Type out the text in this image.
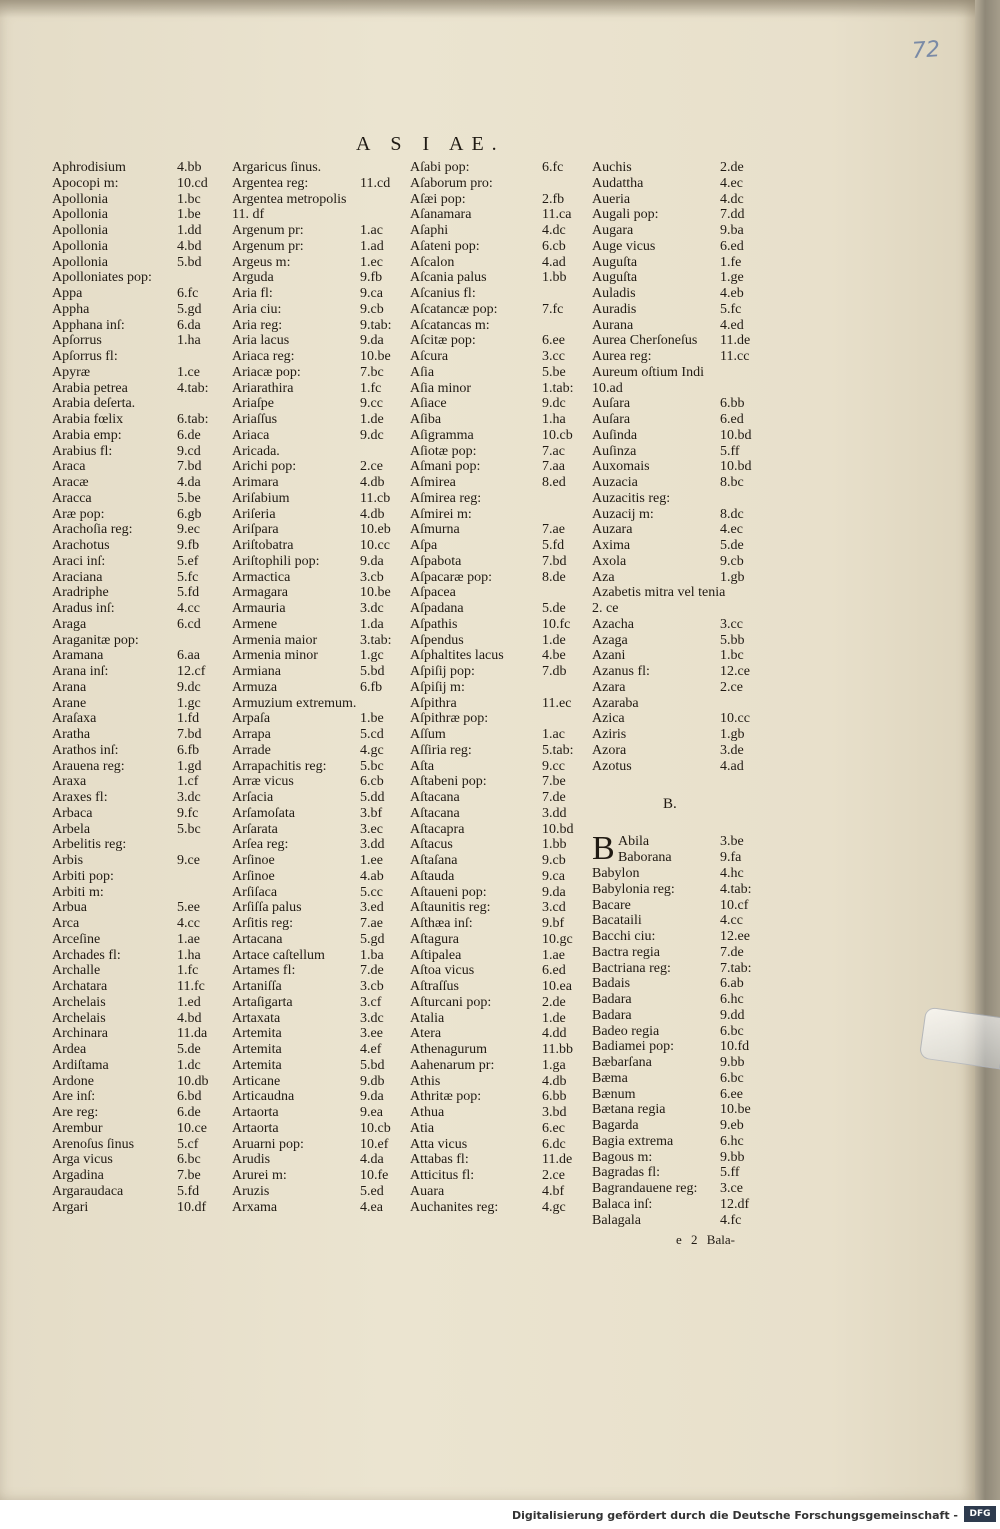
72
A S I AE.
Aphrodisium	4.bb
Apocopi m:	10.cd
Apollonia	1.bc
Apollonia	1.be
Apollonia	1.dd
Apollonia	4.bd
Apollonia	5.bd
Apolloniates pop:
Appa	6.fc
Appha	5.gd
Apphana inſ:	6.da
Apſorrus	1.ha
Apſorrus fl:
Apyræ	1.ce
Arabia petrea	4.tab:
Arabia deſerta.
Arabia fœlix	6.tab:
Arabia emp:	6.de
Arabius fl:	9.cd
Araca	7.bd
Aracæ	4.da
Aracca	5.be
Aræ pop:	6.gb
Arachoſia reg:	9.ec
Arachotus	9.fb
Araci inſ:	5.ef
Araciana	5.fc
Aradriphe	5.fd
Aradus inſ:	4.cc
Araga	6.cd
Araganitæ pop:
Aramana	6.aa
Arana inſ:	12.cf
Arana	9.dc
Arane	1.gc
Araſaxa	1.fd
Aratha	7.bd
Arathos inſ:	6.fb
Arauena reg:	1.gd
Araxa	1.cf
Araxes fl:	3.dc
Arbaca	9.fc
Arbela	5.bc
Arbelitis reg:
Arbis	9.ce
Arbiti pop:
Arbiti m:
Arbua	5.ee
Arca	4.cc
Arceſine	1.ae
Archades fl:	1.ha
Archalle	1.fc
Archatara	11.fc
Archelais	1.ed
Archelais	4.bd
Archinara	11.da
Ardea	5.de
Ardiſtama	1.dc
Ardone	10.db
Are inſ:	6.bd
Are reg:	6.de
Arembur	10.ce
Arenoſus ſinus	5.cf
Arga vicus	6.bc
Argadina	7.be
Argaraudaca	5.fd
Argari	10.df
Argaricus ſinus.
Argentea reg:	11.cd
Argentea metropolis
11. df
Argenum pr:	1.ac
Argenum pr:	1.ad
Argeus m:	1.ec
Arguda	9.fb
Aria fl:	9.ca
Aria ciu:	9.cb
Aria reg:	9.tab:
Aria lacus	9.da
Ariaca reg:	10.be
Ariacæ pop:	7.bc
Ariarathira	1.fc
Ariaſpe	9.cc
Ariaſſus	1.de
Ariaca	9.dc
Aricada.
Arichi pop:	2.ce
Arimara	4.db
Ariſabium	11.cb
Ariſeria	4.db
Ariſpara	10.eb
Ariſtobatra	10.cc
Ariſtophili pop:	9.da
Armactica	3.cb
Armagara	10.be
Armauria	3.dc
Armene	1.da
Armenia maior	3.tab:
Armenia minor	1.gc
Armiana	5.bd
Armuza	6.fb
Armuzium extremum.
Arpaſa	1.be
Arrapa	5.cd
Arrade	4.gc
Arrapachitis reg: 5.bc
Arræ vicus	6.cb
Arſacia	5.dd
Arſamoſata	3.bf
Arſarata	3.ec
Arſea reg:	3.dd
Arſinoe	1.ee
Arſinoe	4.ab
Arſiſaca	5.cc
Arſiſſa palus	3.ed
Arſitis reg:	7.ae
Artacana	5.gd
Artace caſtellum	1.ba
Artames fl:	7.de
Artaniſſa	3.cb
Artaſigarta	3.cf
Artaxata	3.dc
Artemita	3.ee
Artemita	4.ef
Artemita	5.bd
Articane	9.db
Articaudna	9.da
Artaorta	9.ea
Artaorta	10.cb
Aruarni pop:	10.ef
Arudis	4.da
Arurei m:	10.fe
Aruzis	5.ed
Arxama	4.ea
Aſabi pop:	6.fc
Aſaborum pro:
Aſæi pop:	2.fb
Aſanamara	11.ca
Aſaphi	4.dc
Aſateni pop:	6.cb
Aſcalon	4.ad
Aſcania palus	1.bb
Aſcanius fl:
Aſcatancæ pop:	7.fc
Aſcatancas m:
Aſcitæ pop:	6.ee
Aſcura	3.cc
Aſia	5.be
Aſia minor	1.tab:
Aſiace	9.dc
Aſiba	1.ha
Aſigramma	10.cb
Aſiotæ pop:	7.ac
Aſmani pop:	7.aa
Aſmirea	8.ed
Aſmirea reg:
Aſmirei m:
Aſmurna	7.ae
Aſpa	5.fd
Aſpabota	7.bd
Aſpacaræ pop:	8.de
Aſpacea
Aſpadana	5.de
Aſpathis	10.fc
Aſpendus	1.de
Aſphaltites lacus	4.be
Aſpiſij pop:	7.db
Aſpiſij m:
Aſpithra	11.ec
Aſpithræ pop:
Aſſum	1.ac
Aſſiria reg:	5.tab:
Aſta	9.cc
Aſtabeni pop:	7.be
Aſtacana	7.de
Aſtacana	3.dd
Aſtacapra	10.bd
Aſtacus	1.bb
Aſtaſana	9.cb
Aſtauda	9.ca
Aſtaueni pop:	9.da
Aſtaunitis reg:	3.cd
Aſthæa inſ:	9.bf
Aſtagura	10.gc
Aſtipalea	1.ae
Aſtoa vicus	6.ed
Aſtraſſus	10.ea
Aſturcani pop:	2.de
Atalia	1.de
Atera	4.dd
Athenagurum	11.bb
Aahenarum pr:	1.ga
Athis	4.db
Athritæ pop:	6.bb
Athua	3.bd
Atia	6.ec
Atta vicus	6.dc
Attabas fl:	11.de
Atticitus fl:	2.ce
Auara	4.bf
Auchanites reg:	4.gc
Auchis	2.de
Audattha	4.ec
Aueria	4.dc
Augali pop:	7.dd
Augara	9.ba
Auge vicus	6.ed
Auguſta	1.fe
Auguſta	1.ge
Auladis	4.eb
Auradis	5.fc
Aurana	4.ed
Aurea Cherſoneſus 11.de
Aurea reg:	11.cc
Aureum oſtium Indi
10.ad
Auſara	6.bb
Auſara	6.ed
Auſinda	10.bd
Auſinza	5.ff
Auxomais	10.bd
Auzacia	8.bc
Auzacitis reg:
Auzacij m:	8.dc
Auzara	4.ec
Axima	5.de
Axola	9.cb
Aza	1.gb
Azabetis mitra vel tenia
2. ce
Azacha	3.cc
Azaga	5.bb
Azani	1.bc
Azanus fl:	12.ce
Azara	2.ce
Azaraba
Azica	10.cc
Aziris	1.gb
Azora	3.de
Azotus	4.ad
B.
B Abila	3.be
Baborana	9.fa
Babylon	4.hc
Babylonia reg:	4.tab:
Bacare	10.cf
Bacataili	4.cc
Bacchi ciu:	12.ee
Bactra regia	7.de
Bactriana reg:	7.tab:
Badais	6.ab
Badara	6.hc
Badara	9.dd
Badeo regia	6.bc
Badiamei pop:	10.fd
Bæbarſana	9.bb
Bæma	6.bc
Bænum	6.ee
Bætana regia	10.be
Bagarda	9.eb
Bagia extrema	6.hc
Bagous m:	9.bb
Bagradas fl:	5.ff
Bagrandauene reg: 3.ce
Balaca inſ:	12.df
Balagala	4.fc
e 2 Bala-
Digitalisierung gefördert durch die Deutsche Forschungsgemeinschaft -	DFG
